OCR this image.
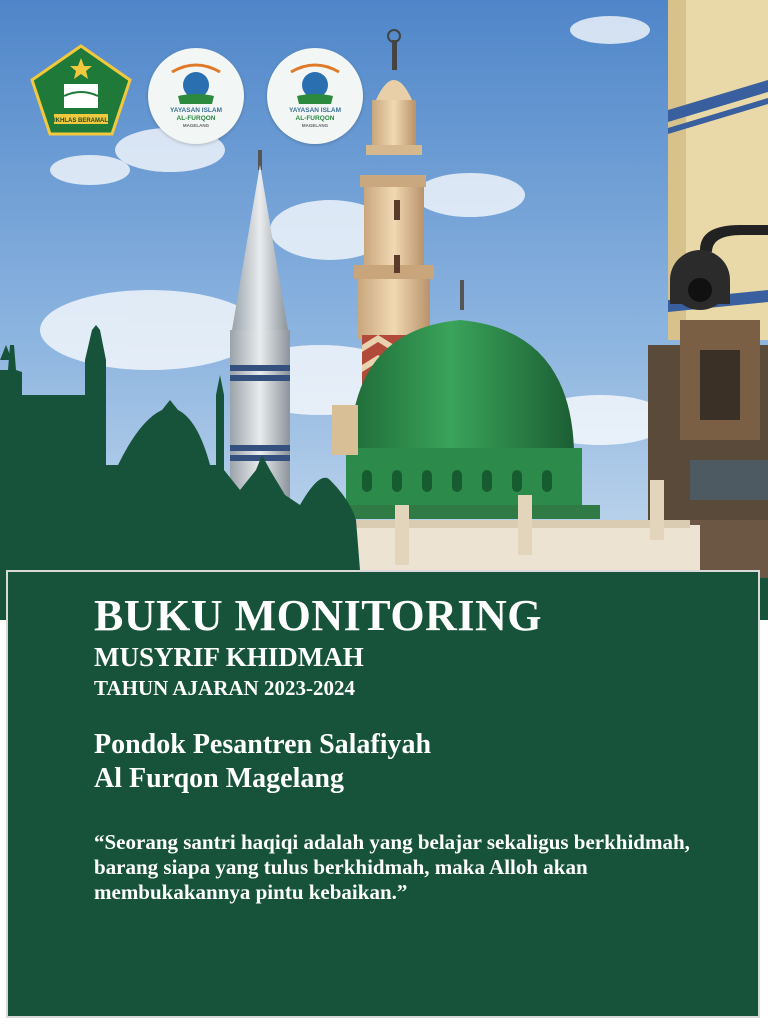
IKHLAS BERAMAL
YAYASAN ISLAM
AL-FURQON
MAGELANG
YAYASAN ISLAM
AL-FURQON
MAGELANG
BUKU MONITORING
MUSYRIF KHIDMAH
TAHUN AJARAN 2023-2024
Pondok Pesantren Salafiyah
Al Furqon Magelang

“Seorang santri haqiqi adalah yang belajar sekaligus berkhidmah, barang siapa yang tulus berkhidmah, maka Alloh akan membukakannya pintu kebaikan.”
